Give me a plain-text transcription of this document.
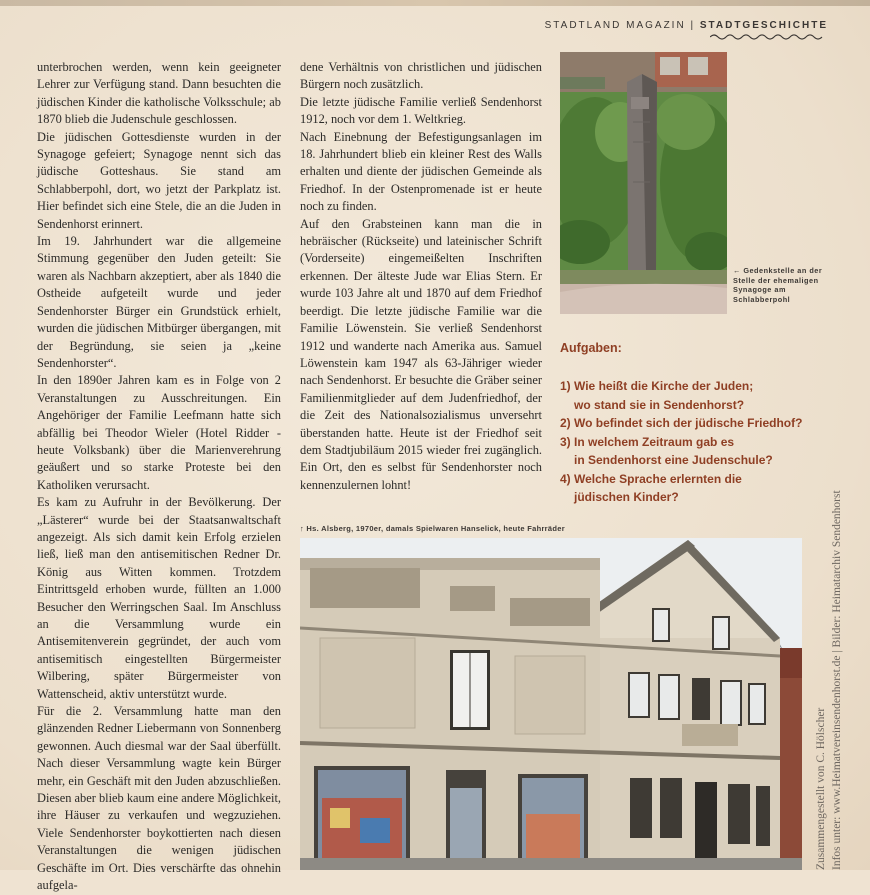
STADTLAND MAGAZIN | STADTGESCHICHTE

unterbrochen werden, wenn kein geeigneter Lehrer zur Verfügung stand. Dann besuchten die jüdischen Kinder die katholische Volksschule; ab 1870 blieb die Judenschule geschlossen.

Die jüdischen Gottesdienste wurden in der Synagoge gefeiert; Synagoge nennt sich das jüdische Gotteshaus. Sie stand am Schlabberpohl, dort, wo jetzt der Parkplatz ist. Hier befindet sich eine Stele, die an die Juden in Sendenhorst erinnert.

Im 19. Jahrhundert war die allgemeine Stimmung gegenüber den Juden geteilt: Sie waren als Nachbarn akzeptiert, aber als 1840 die Ostheide aufgeteilt wurde und jeder Sendenhorster Bürger ein Grundstück erhielt, wurden die jüdischen Mitbürger übergangen, mit der Begründung, sie seien ja „keine Sendenhorster“.

In den 1890er Jahren kam es in Folge von 2 Veranstaltungen zu Ausschreitungen. Ein Angehöriger der Familie Leefmann hatte sich abfällig bei Theodor Wieler (Hotel Ridder - heute Volksbank) über die Marienverehrung geäußert und so starke Proteste bei den Katholiken verursacht.

Es kam zu Aufruhr in der Bevölkerung. Der „Lästerer“ wurde bei der Staatsanwaltschaft angezeigt. Als sich damit kein Erfolg erzielen ließ, ließ man den antisemitischen Redner Dr. König aus Witten kommen. Trotzdem Eintrittsgeld erhoben wurde, füllten an 1.000 Besucher den Werringschen Saal. Im Anschluss an die Versammlung wurde ein Antisemitenverein gegründet, der auch vom antisemitisch eingestellten Bürgermeister Wilbering, später Bürgermeister von Wattenscheid, aktiv unterstützt wurde.

Für die 2. Versammlung hatte man den glänzenden Redner Liebermann von Sonnenberg gewonnen. Auch diesmal war der Saal überfüllt. Nach dieser Versammlung wagte kein Bürger mehr, ein Geschäft mit den Juden abzuschließen. Diesen aber blieb kaum eine andere Möglichkeit, ihre Häuser zu verkaufen und wegzuziehen. Viele Sendenhorster boykottierten nach diesen Veranstaltungen die wenigen jüdischen Geschäfte im Ort. Dies verschärfte das ohnehin aufgela-

dene Verhältnis von christlichen und jüdischen Bürgern noch zusätzlich.

Die letzte jüdische Familie verließ Sendenhorst 1912, noch vor dem 1. Weltkrieg.

Nach Einebnung der Befestigungsanlagen im 18. Jahrhundert blieb ein kleiner Rest des Walls erhalten und diente der jüdischen Gemeinde als Friedhof. In der Ostenpromenade ist er heute noch zu finden.

Auf den Grabsteinen kann man die in hebräischer (Rückseite) und lateinischer Schrift (Vorderseite) eingemeißelten Inschriften erkennen. Der älteste Jude war Elias Stern. Er wurde 103 Jahre alt und 1870 auf dem Friedhof beerdigt. Die letzte jüdische Familie war die Familie Löwenstein. Sie verließ Sendenhorst 1912 und wanderte nach Amerika aus. Samuel Löwenstein kam 1947 als 63-Jähriger wieder nach Sendenhorst. Er besuchte die Gräber seiner Familienmitglieder auf dem Judenfriedhof, der die Zeit des Nationalsozialismus unversehrt überstanden hatte. Heute ist der Friedhof seit dem Stadtjubiläum 2015 wieder frei zugänglich. Ein Ort, den es selbst für Sendenhorster noch kennenzulernen lohnt!

← Gedenkstelle an der Stelle der ehemaligen Synagoge am Schlabberpohl
Aufgaben:
1) Wie heißt die Kirche der Juden;
wo stand sie in Sendenhorst?
2) Wo befindet sich der jüdische Friedhof?
3) In welchem Zeitraum gab es
in Sendenhorst eine Judenschule?
4) Welche Sprache erlernten die
jüdischen Kinder?
↑ Hs. Alsberg, 1970er, damals Spielwaren Hanselick, heute Fahrräder
Zusammengestellt von C. Hölscher Infos unter: www.Heimatvereinsendenhorst.de | Bilder: Heimatarchiv Sendenhorst
